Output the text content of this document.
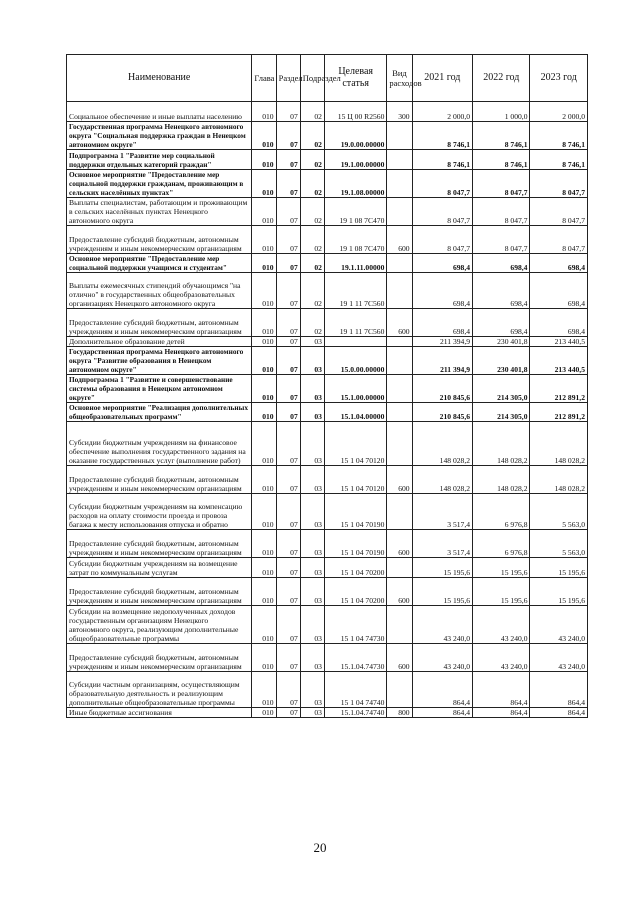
Наименование	Глава	Раздел	Подраздел	Целевая статья	Вид расходов	2021 год	2022 год	2023 год
Социальное обеспечение и иные выплаты населению	010	07	02	15 Ц 00 R2560	300	2 000,0	1 000,0	2 000,0
Государственная программа Ненецкого автономного округа "Социальная поддержка граждан в Ненецком автономном округе"	010	07	02	19.0.00.00000		8 746,1	8 746,1	8 746,1
Подпрограмма 1 "Развитие мер социальной поддержки отдельных категорий граждан"	010	07	02	19.1.00.00000		8 746,1	8 746,1	8 746,1
Основное мероприятие "Предоставление мер социальной поддержки гражданам, проживающим в сельских населённых пунктах"	010	07	02	19.1.08.00000		8 047,7	8 047,7	8 047,7
Выплаты специалистам, работающим и проживающим в сельских населённых пунктах Ненецкого автономного округа	010	07	02	19 1 08 7С470		8 047,7	8 047,7	8 047,7
Предоставление субсидий бюджетным, автономным учреждениям и иным некоммерческим организациям	010	07	02	19 1 08 7С470	600	8 047,7	8 047,7	8 047,7
Основное мероприятие "Предоставление мер социальной поддержки учащимся и студентам"	010	07	02	19.1.11.00000		698,4	698,4	698,4
Выплаты ежемесячных стипендий обучающимся "на отлично" в государственных общеобразовательных организациях Ненецкого автономного округа	010	07	02	19 1 11 7С560		698,4	698,4	698,4
Предоставление субсидий бюджетным, автономным учреждениям и иным некоммерческим организациям	010	07	02	19 1 11 7С560	600	698,4	698,4	698,4
Дополнительное образование детей	010	07	03			211 394,9	230 401,8	213 440,5
Государственная программа Ненецкого автономного округа "Развитие образования в Ненецком автономном округе"	010	07	03	15.0.00.00000		211 394,9	230 401,8	213 440,5
Подпрограмма 1 "Развитие и совершенствование системы образования в Ненецком автономном округе"	010	07	03	15.1.00.00000		210 845,6	214 305,0	212 891,2
Основное мероприятие "Реализация дополнительных общеобразовательных программ"	010	07	03	15.1.04.00000		210 845,6	214 305,0	212 891,2
Субсидии бюджетным учреждениям на финансовое обеспечение выполнения государственного задания на оказание государственных услуг (выполнение работ)	010	07	03	15 1 04 70120		148 028,2	148 028,2	148 028,2
Предоставление субсидий бюджетным, автономным учреждениям и иным некоммерческим организациям	010	07	03	15 1 04 70120	600	148 028,2	148 028,2	148 028,2
Субсидии бюджетным учреждениям на компенсацию расходов на оплату стоимости проезда и провоза багажа к месту использования отпуска и обратно	010	07	03	15 1 04 70190		3 517,4	6 976,8	5 563,0
Предоставление субсидий бюджетным, автономным учреждениям и иным некоммерческим организациям	010	07	03	15 1 04 70190	600	3 517,4	6 976,8	5 563,0
Субсидии бюджетным учреждениям на возмещение затрат по коммунальным услугам	010	07	03	15 1 04 70200		15 195,6	15 195,6	15 195,6
Предоставление субсидий бюджетным, автономным учреждениям и иным некоммерческим организациям	010	07	03	15 1 04 70200	600	15 195,6	15 195,6	15 195,6
Субсидии на возмещение недополученных доходов государственным организациям Ненецкого автономного округа, реализующим дополнительные общеобразовательные программы	010	07	03	15 1 04 74730		43 240,0	43 240,0	43 240,0
Предоставление субсидий бюджетным, автономным учреждениям и иным некоммерческим организациям	010	07	03	15.1.04.74730	600	43 240,0	43 240,0	43 240,0
Субсидии частным организациям, осуществляющим образовательную деятельность и реализующим дополнительные общеобразовательные программы	010	07	03	15 1 04 74740		864,4	864,4	864,4
Иные бюджетные ассигнования	010	07	03	15.1.04.74740	800	864,4	864,4	864,4
20
